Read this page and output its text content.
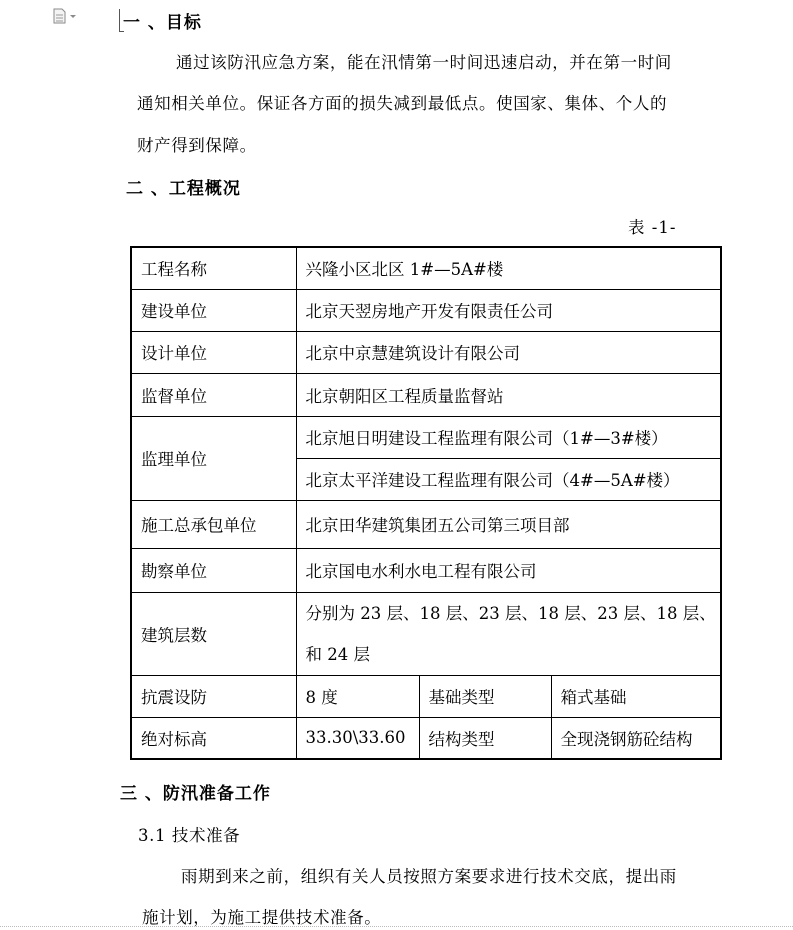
一 、目标
通过该防汛应急方案，能在汛情第一时间迅速启动，并在第一时间
通知相关单位。保证各方面的损失减到最低点。使国家、集体、个人的
财产得到保障。
二 、工程概况
表 -1-
工程名称	兴隆小区北区 1#—5A#楼		
建设单位	北京天翌房地产开发有限责任公司		
设计单位	北京中京慧建筑设计有限公司		
监督单位	北京朝阳区工程质量监督站		
监理单位	北京旭日明建设工程监理有限公司（1#—3#楼）		
	北京太平洋建设工程监理有限公司（4#—5A#楼）		
施工总承包单位	北京田华建筑集团五公司第三项目部		
勘察单位	北京国电水利水电工程有限公司		
建筑层数	分别为 23 层、18 层、23 层、18 层、23 层、18 层、
和 24 层		
抗震设防	8 度	基础类型	箱式基础
绝对标高	33.30\33.60	结构类型	全现浇钢筋砼结构
三 、防汛准备工作
3.1 技术准备
雨期到来之前，组织有关人员按照方案要求进行技术交底，提出雨
施计划，为施工提供技术准备。
